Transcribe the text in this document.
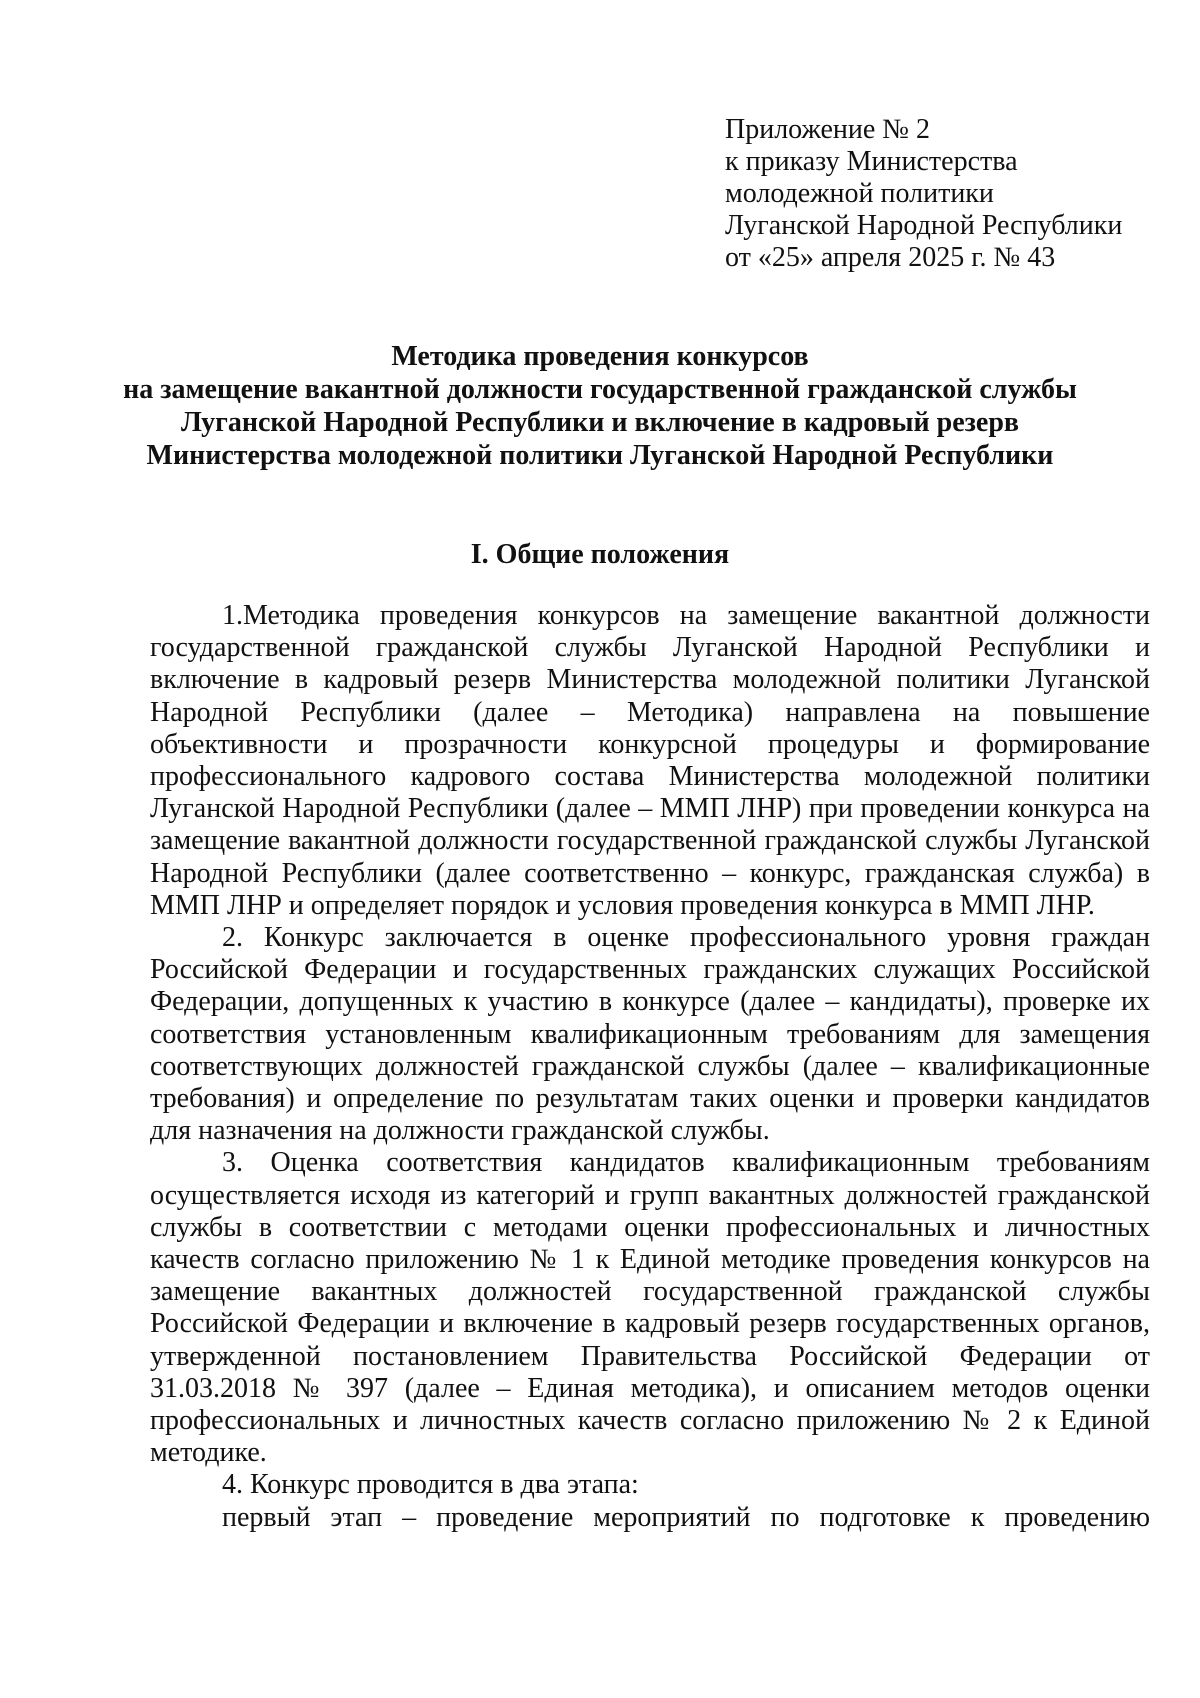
Приложение № 2
к приказу Министерства
молодежной политики
Луганской Народной Республики
от «25» апреля 2025 г. № 43
Методика проведения конкурсов
на замещение вакантной должности государственной гражданской службы
Луганской Народной Республики и включение в кадровый резерв
Министерства молодежной политики Луганской Народной Республики
I. Общие положения

1.Методика проведения конкурсов на замещение вакантной должности государственной гражданской службы Луганской Народной Республики и включение в кадровый резерв Министерства молодежной политики Луганской Народной Республики (далее – Методика) направлена на повышение объективности и прозрачности конкурсной процедуры и формирование профессионального кадрового состава Министерства молодежной политики Луганской Народной Республики (далее – ММП ЛНР) при проведении конкурса на замещение вакантной должности государственной гражданской службы Луганской Народной Республики (далее соответственно – конкурс, гражданская служба) в ММП ЛНР и определяет порядок и условия проведения конкурса в ММП ЛНР.

2. Конкурс заключается в оценке профессионального уровня граждан Российской Федерации и государственных гражданских служащих Российской Федерации, допущенных к участию в конкурсе (далее – кандидаты), проверке их соответствия установленным квалификационным требованиям для замещения соответствующих должностей гражданской службы (далее – квалификационные требования) и определение по результатам таких оценки и проверки кандидатов для назначения на должности гражданской службы.

3. Оценка соответствия кандидатов квалификационным требованиям осуществляется исходя из категорий и групп вакантных должностей гражданской службы в соответствии с методами оценки профессиональных и личностных качеств согласно приложению № 1 к Единой методике проведения конкурсов на замещение вакантных должностей государственной гражданской службы Российской Федерации и включение в кадровый резерв государственных органов, утвержденной постановлением Правительства Российской Федерации от 31.03.2018 № 397 (далее – Единая методика), и описанием методов оценки профессиональных и личностных качеств согласно приложению № 2 к Единой методике.

4. Конкурс проводится в два этапа:

первый этап – проведение мероприятий по подготовке к проведению
